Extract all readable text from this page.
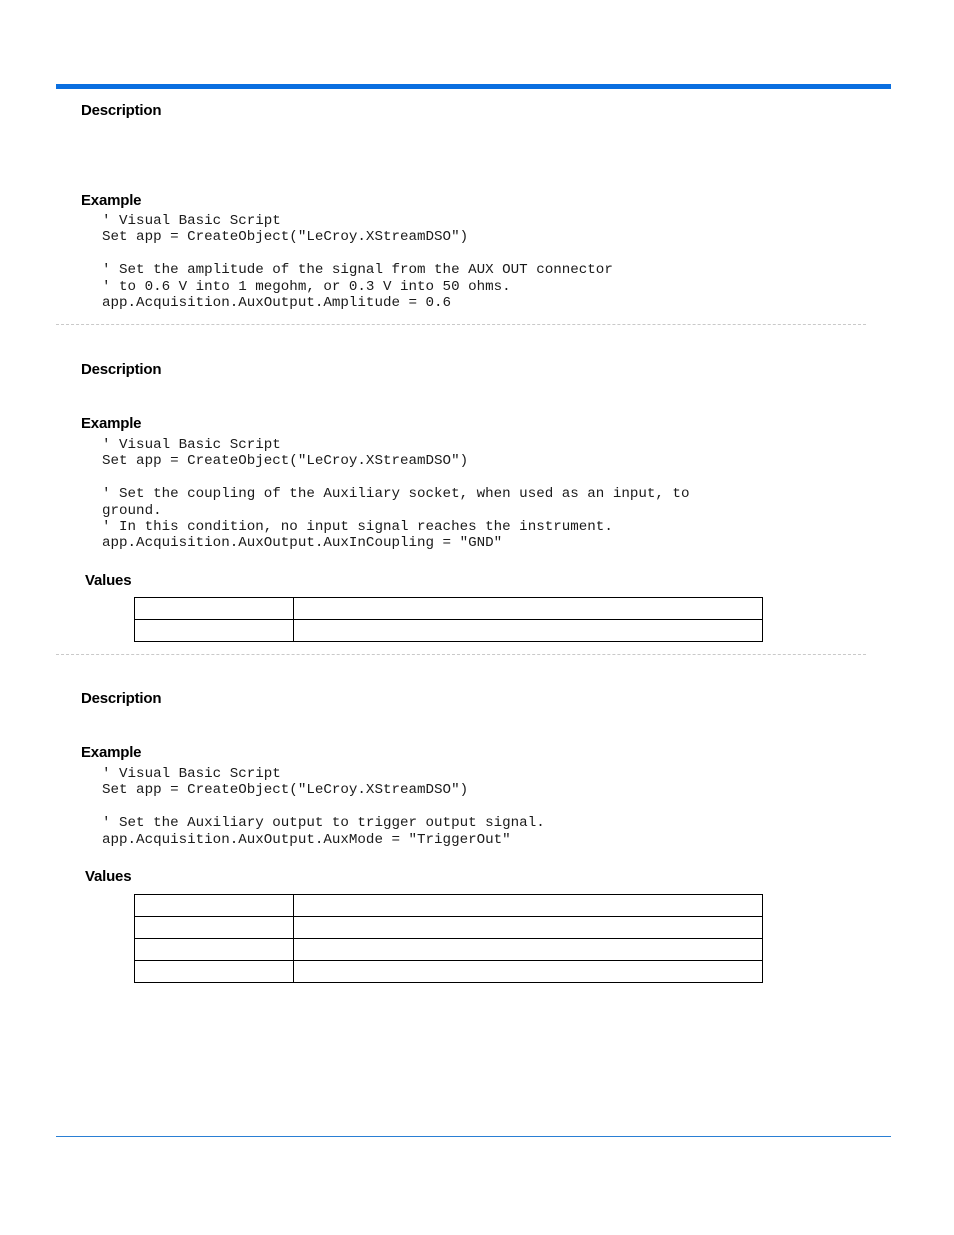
Description
Example
' Visual Basic Script
Set app = CreateObject("LeCroy.XStreamDSO")

' Set the amplitude of the signal from the AUX OUT connector
' to 0.6 V into 1 megohm, or 0.3 V into 50 ohms.
app.Acquisition.AuxOutput.Amplitude = 0.6
Description
Example
' Visual Basic Script
Set app = CreateObject("LeCroy.XStreamDSO")

' Set the coupling of the Auxiliary socket, when used as an input, to
ground.
' In this condition, no input signal reaches the instrument.
app.Acquisition.AuxOutput.AuxInCoupling = "GND"
Values

Description
Example
' Visual Basic Script
Set app = CreateObject("LeCroy.XStreamDSO")

' Set the Auxiliary output to trigger output signal.
app.Acquisition.AuxOutput.AuxMode = "TriggerOut"
Values
